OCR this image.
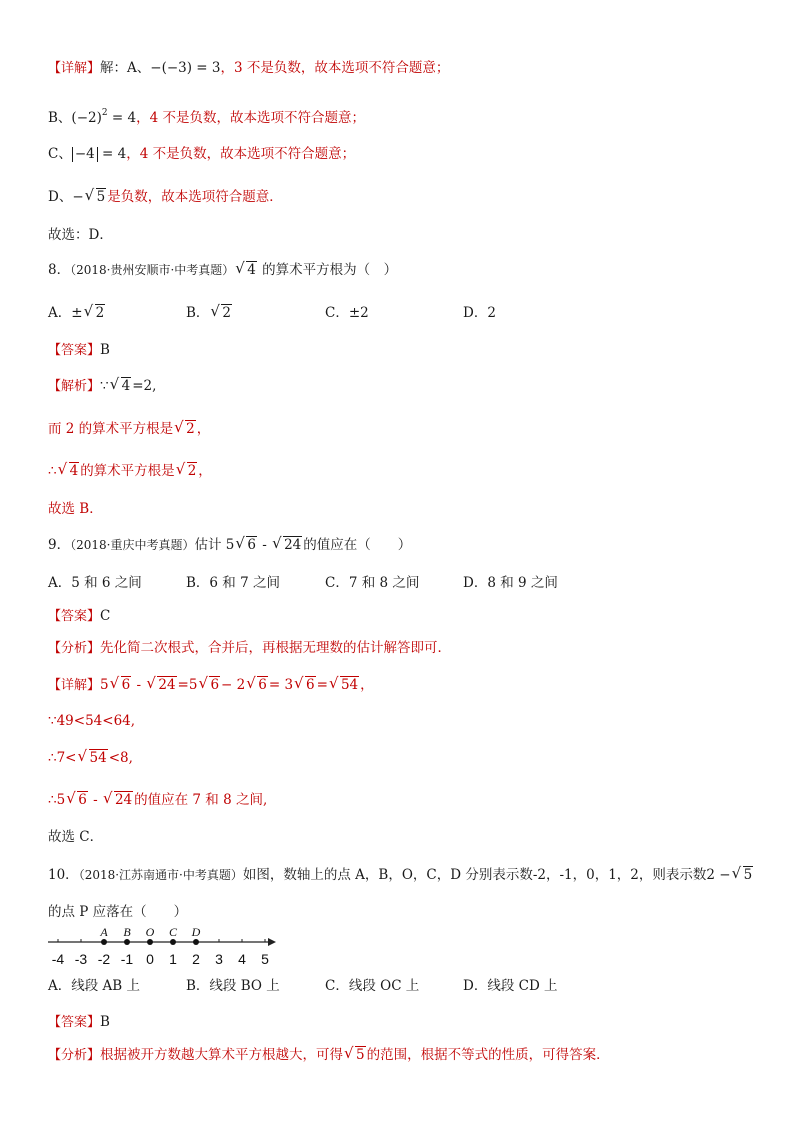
【详解】解：A、−(−3) = 3，3 不是负数，故本选项不符合题意；
B、$(-2)^2 = 4$，4 不是负数，故本选项不符合题意；
C、 −4 = 4，4 不是负数，故本选项不符合题意；
D、− √ 5 是负数，故本选项符合题意．
故选：D．
8．（2018·贵州安顺市·中考真题） √ 4 的算术平方根为（　）
A．± √ 2	B． √ 2	C．±2	D．2
【答案】B
【解析】∵ √ 4 =2,
而 2 的算术平方根是 √ 2 ，
∴ √ 4 的算术平方根是 √ 2 ，
故选 B．
9．（2018·重庆中考真题）估计 5 √ 6 - √ 24 的值应在（　　）
A．5 和 6 之间	B．6 和 7 之间	C．7 和 8 之间	D．8 和 9 之间
【答案】C
【分析】先化简二次根式，合并后，再根据无理数的估计解答即可．
【详解】5 √ 6 - √ 24 =5 √ 6 − 2 √ 6 = 3 √ 6 = √ 54 ，
∵49<54<64,
∴7< √ 54 <8,
∴5 √ 6 - √ 24 的值应在 7 和 8 之间,
故选 C．
10．（2018·江苏南通市·中考真题）如图，数轴上的点 A，B，O，C，D 分别表示数-2，-1，0，1，2，则表示数2 − √ 5
的点 P 应落在（　　）
-4 -3 -2 -1 0 1 2 3 4 5
A B O C D
A．线段 AB 上	B．线段 BO 上	C．线段 OC 上	D．线段 CD 上
【答案】B
【分析】根据被开方数越大算术平方根越大，可得 √ 5 的范围，根据不等式的性质，可得答案．
